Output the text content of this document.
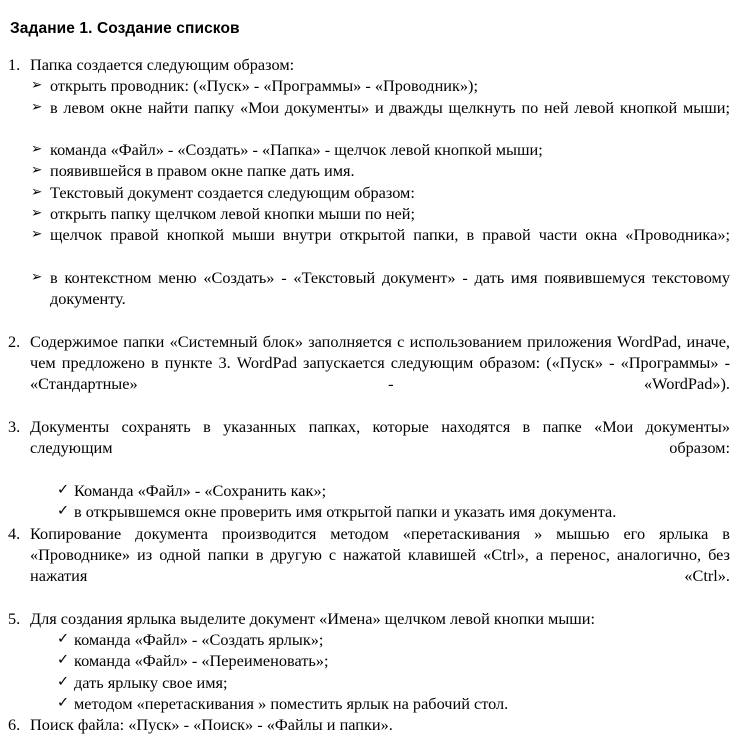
Задание 1. Создание списков
1. Папка создается следующим образом:
➢ открыть проводник: («Пуск» - «Программы» - «Проводник»);
➢ в левом окне найти папку «Мои документы» и дважды щелкнуть по ней левой кнопкой мыши;
➢ команда «Файл» - «Создать» - «Папка» - щелчок левой кнопкой мыши;
➢ появившейся в правом окне папке дать имя.
➢ Текстовый документ создается следующим образом:
➢ открыть папку щелчком левой кнопки мыши по ней;
➢ щелчок правой кнопкой мыши внутри открытой папки, в правой части окна «Проводника»;
➢ в контекстном меню «Создать» - «Текстовый документ» - дать имя появившемуся текстовому документу.
2. Содержимое папки «Системный блок» заполняется с использованием приложения WordPad, иначе, чем предложено в пункте 3. WordPad запускается следующим образом: («Пуск» - «Программы» - «Стандартные» - «WordPad»).
3. Документы сохранять в указанных папках, которые находятся в папке «Мои документы» следующим образом:
✓ Команда «Файл» - «Сохранить как»;
✓ в открывшемся окне проверить имя открытой папки и указать имя документа.
4. Копирование документа производится методом «перетаскивания » мышью его ярлыка в «Проводнике» из одной папки в другую с нажатой клавишей «Ctrl», а перенос, аналогично, без нажатия «Ctrl».
5. Для создания ярлыка выделите документ «Имена» щелчком левой кнопки мыши:
✓ команда «Файл» - «Создать ярлык»;
✓ команда «Файл» - «Переименовать»;
✓ дать ярлыку свое имя;
✓ методом «перетаскивания » поместить ярлык на рабочий стол.
6. Поиск файла: «Пуск» - «Поиск» - «Файлы и папки».
